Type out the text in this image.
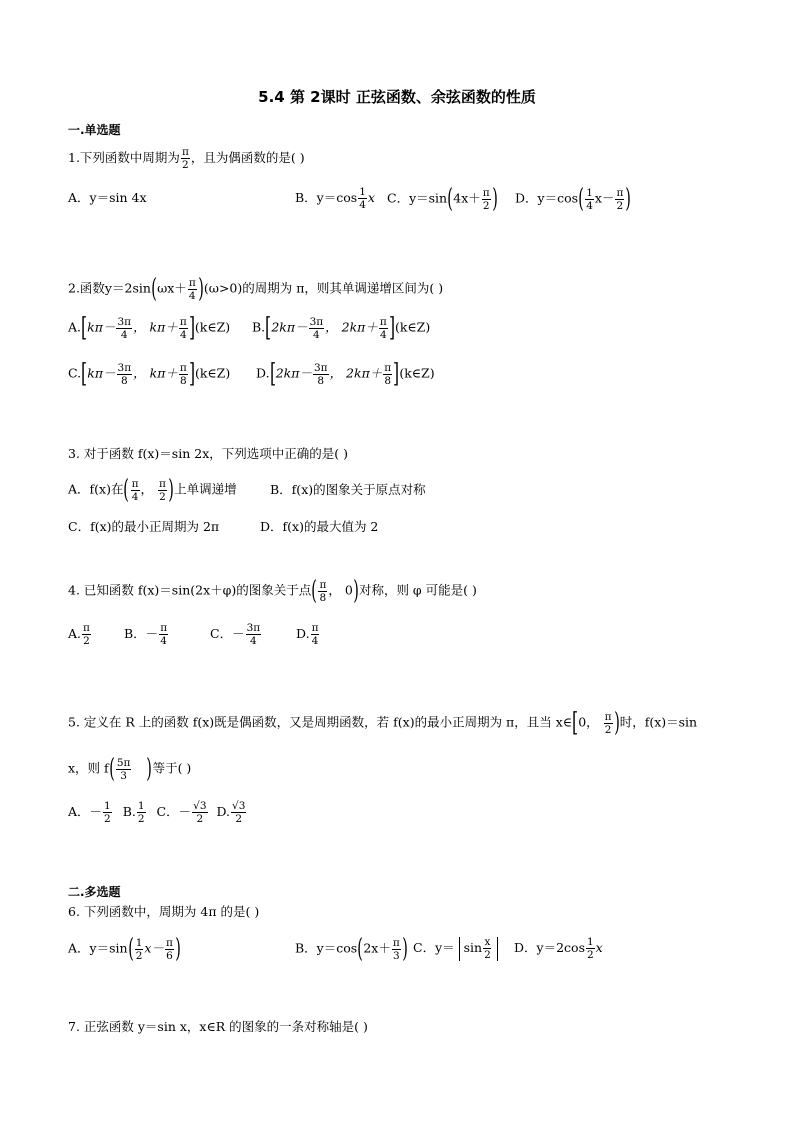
5.4 第 2课时 正弦函数、余弦函数的性质
一.单选题
1.下列函数中周期为 $\frac{\pi}{2}$ ，且为偶函数的是( )
A．y＝sin 4x	B．$y=\cos \frac{1}{4}$ x C．$y=\sin(4x+ \frac{\pi}{2}$ ) D．$y=\cos( \frac{1}{4} x- \frac{\pi}{2}$ )
2.函数$y=2\sin(\omega x+ \frac{\pi}{4} )(\omega>0)$的周期为 π，则其单调递增区间为( )
$A.[k\pi- \frac{3\pi}{4}$ ， $k\pi+ \frac{\pi}{4}$ ](k∈Z) $B.[2k\pi- \frac{3\pi}{4}$ ， $2k\pi+ \frac{\pi}{4}$ ](k∈Z)
$C.[k\pi- \frac{3\pi}{8}$ ， $k\pi+ \frac{\pi}{8}$ ](k∈Z) $D.[2k\pi- \frac{3\pi}{8}$ ， $2k\pi+ \frac{\pi}{8}$ ](k∈Z)
3. 对于函数 f(x)＝sin 2x，下列选项中正确的是( )
A．f(x)在( $\frac{\pi}{4}$ ， $\frac{\pi}{2}$ )上单调递增	B．f(x)的图象关于原点对称
C．f(x)的最小正周期为 2π	D．f(x)的最大值为 2
4. 已知函数 f(x)＝sin(2x＋φ)的图象关于点( $\frac{\pi}{8}$ ， 0)对称，则 φ 可能是( )
A. $\frac{\pi}{2}$	B．－ $\frac{\pi}{4}$	C．－ $\frac{3\pi}{4}$	D. $\frac{\pi}{4}$
5. 定义在 R 上的函数 f(x)既是偶函数，又是周期函数，若 f(x)的最小正周期为 π，且当 x∈[0， $\frac{\pi}{2}$ )时，f(x)＝sin
x，则 $f( \frac{5\pi}{3}$ )等于( )
A．－ $\frac{1}{2} B$. $\frac{1}{2}$ C．－ $\frac{√3}{2} D$. $\frac{√3}{2}$
二.多选题
6. 下列函数中，周期为 4π 的是( )
A．$y=\sin( \frac{1}{2} x- \frac{\pi}{6}$ )	B．$y=\cos(2x+ \frac{\pi}{3}$ ) C．$y= \sin \frac{x}{2}$ D．$y=2\cos \frac{1}{2}$ x
7. 正弦函数 y＝sin x，x∈R 的图象的一条对称轴是( )
